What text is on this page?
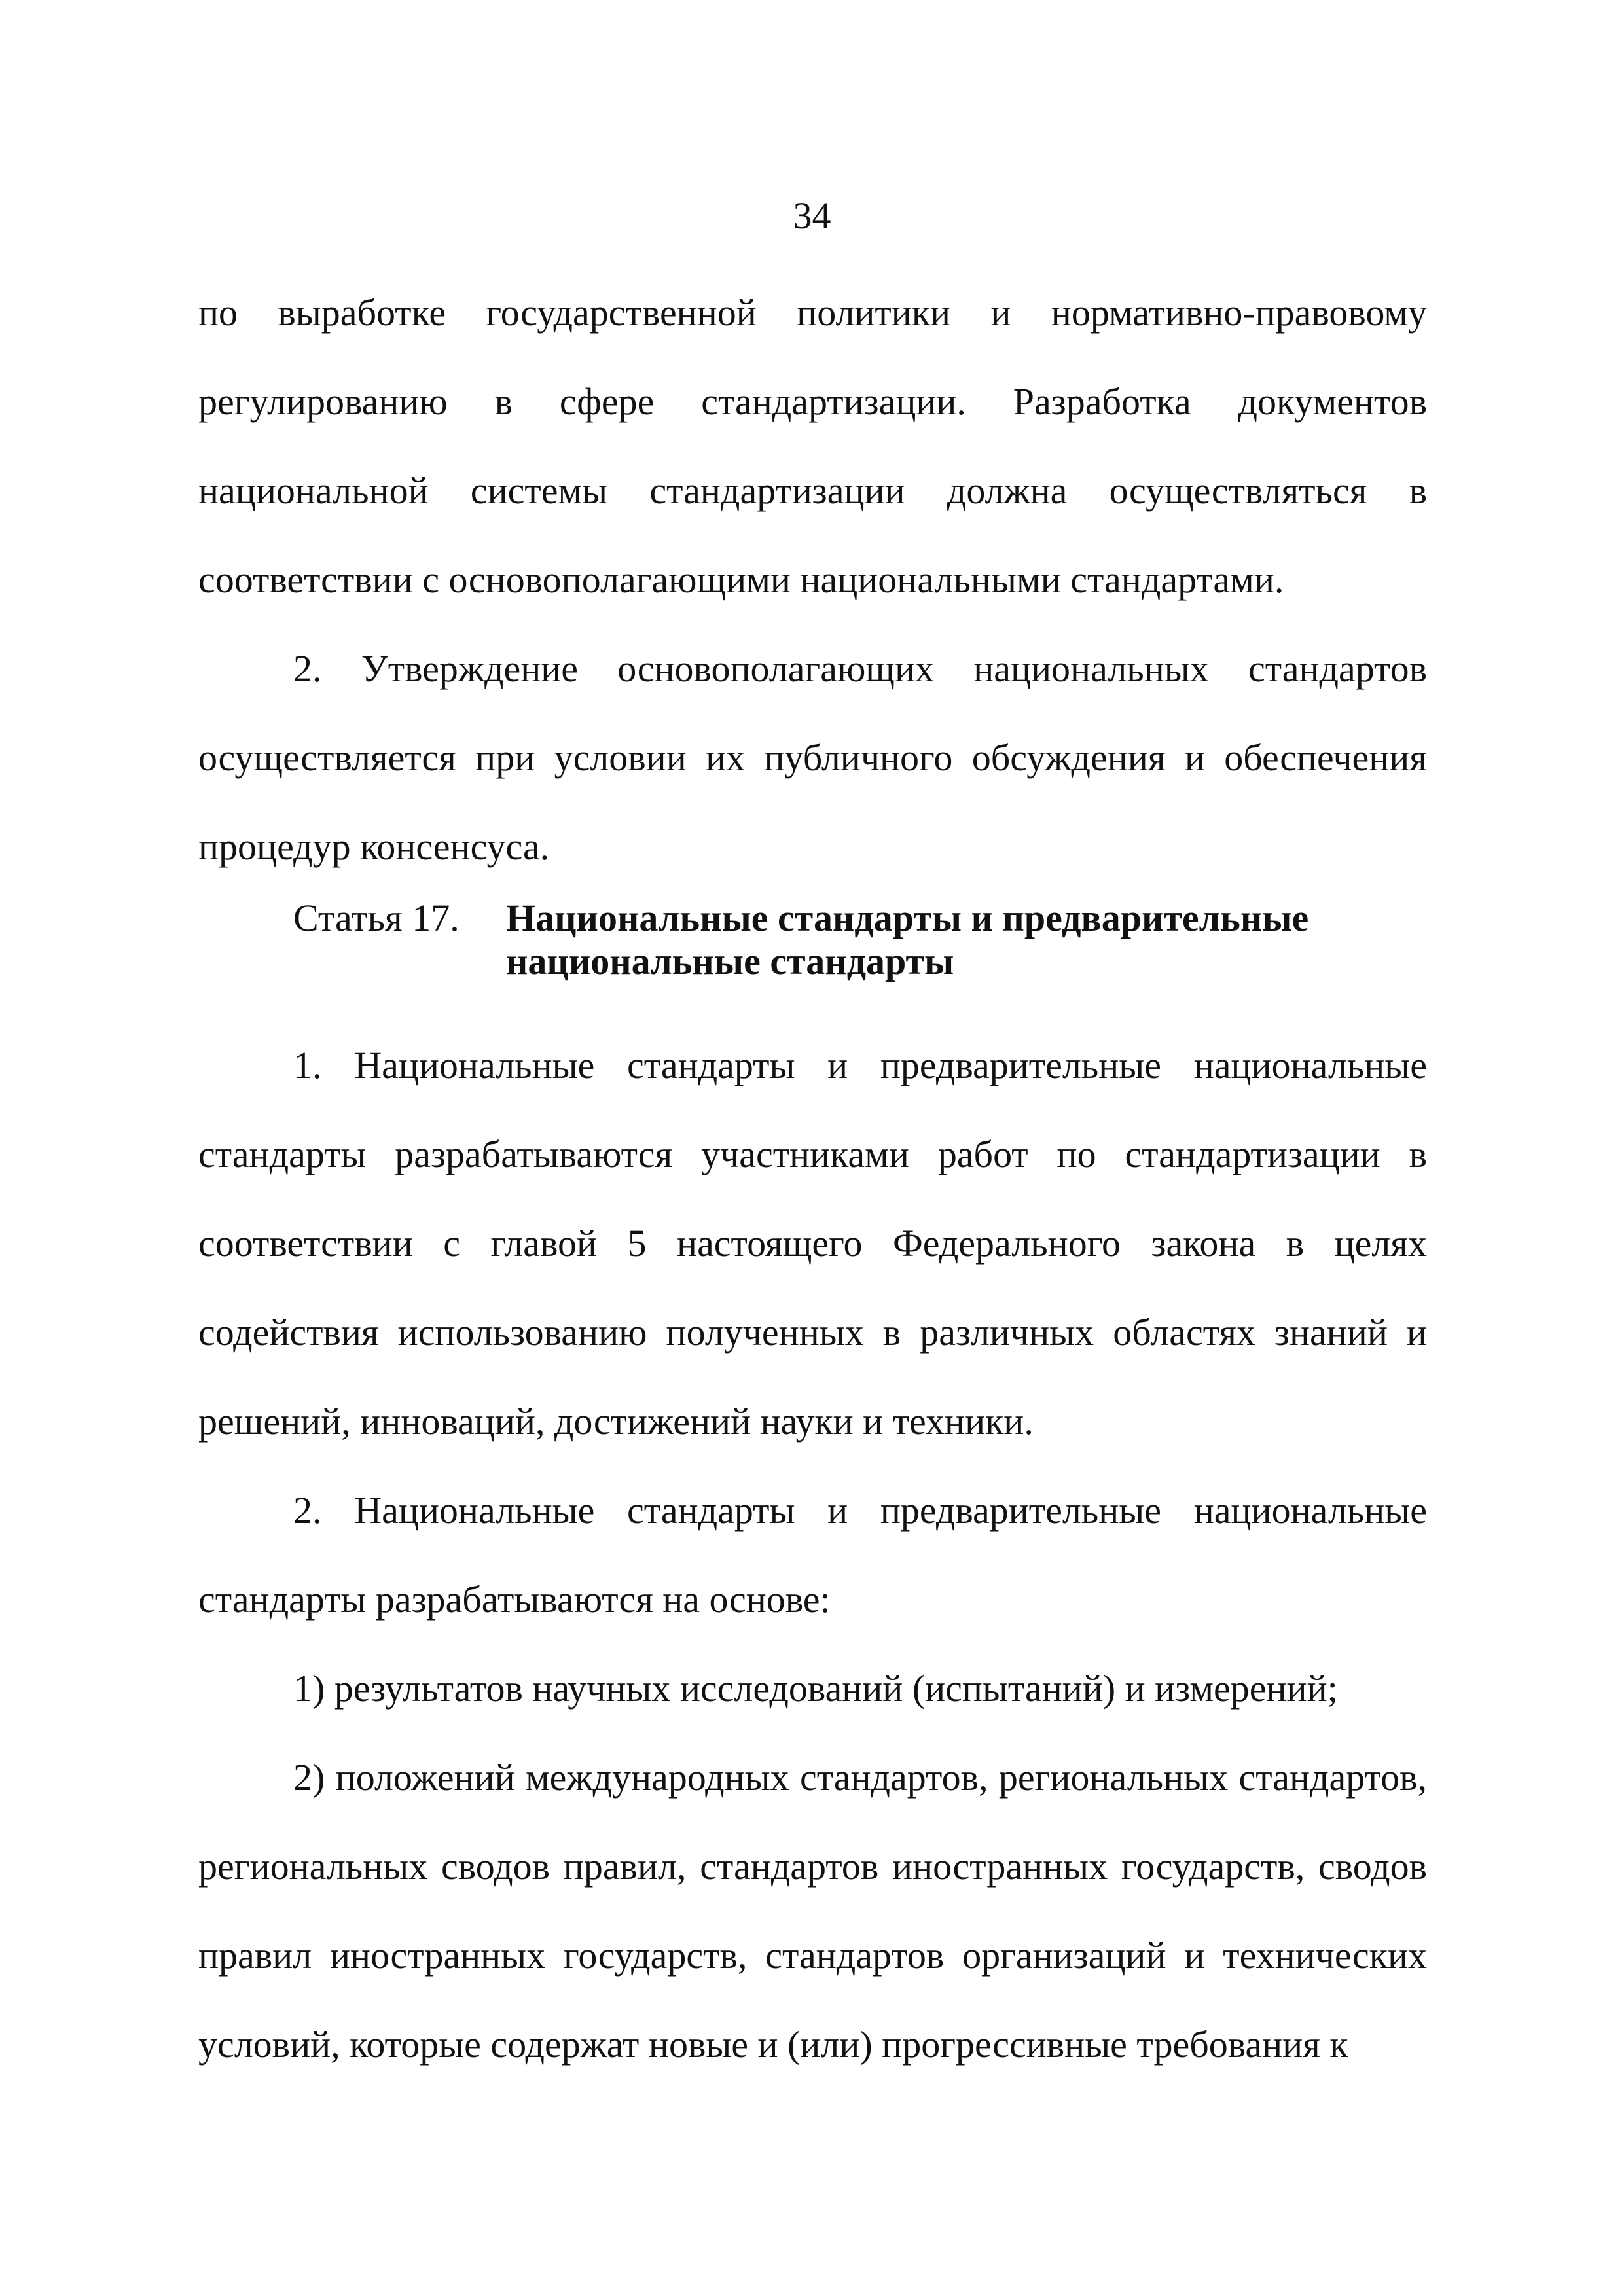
34

по выработке государственной политики и нормативно-правовому регулированию в сфере стандартизации. Разработка документов национальной системы стандартизации должна осуществляться в соответствии с основополагающими национальными стандартами.

2. Утверждение основополагающих национальных стандартов осуществляется при условии их публичного обсуждения и обеспечения процедур консенсуса.

Статья 17.	Национальные стандарты и предварительные
национальные стандарты

1. Национальные стандарты и предварительные национальные стандарты разрабатываются участниками работ по стандартизации в соответствии с главой 5 настоящего Федерального закона в целях содействия использованию полученных в различных областях знаний и решений, инноваций, достижений науки и техники.

2. Национальные стандарты и предварительные национальные стандарты разрабатываются на основе:

1) результатов научных исследований (испытаний) и измерений;

2) положений международных стандартов, региональных стандартов, региональных сводов правил, стандартов иностранных государств, сводов правил иностранных государств, стандартов организаций и технических условий, которые содержат новые и (или) прогрессивные требования к
